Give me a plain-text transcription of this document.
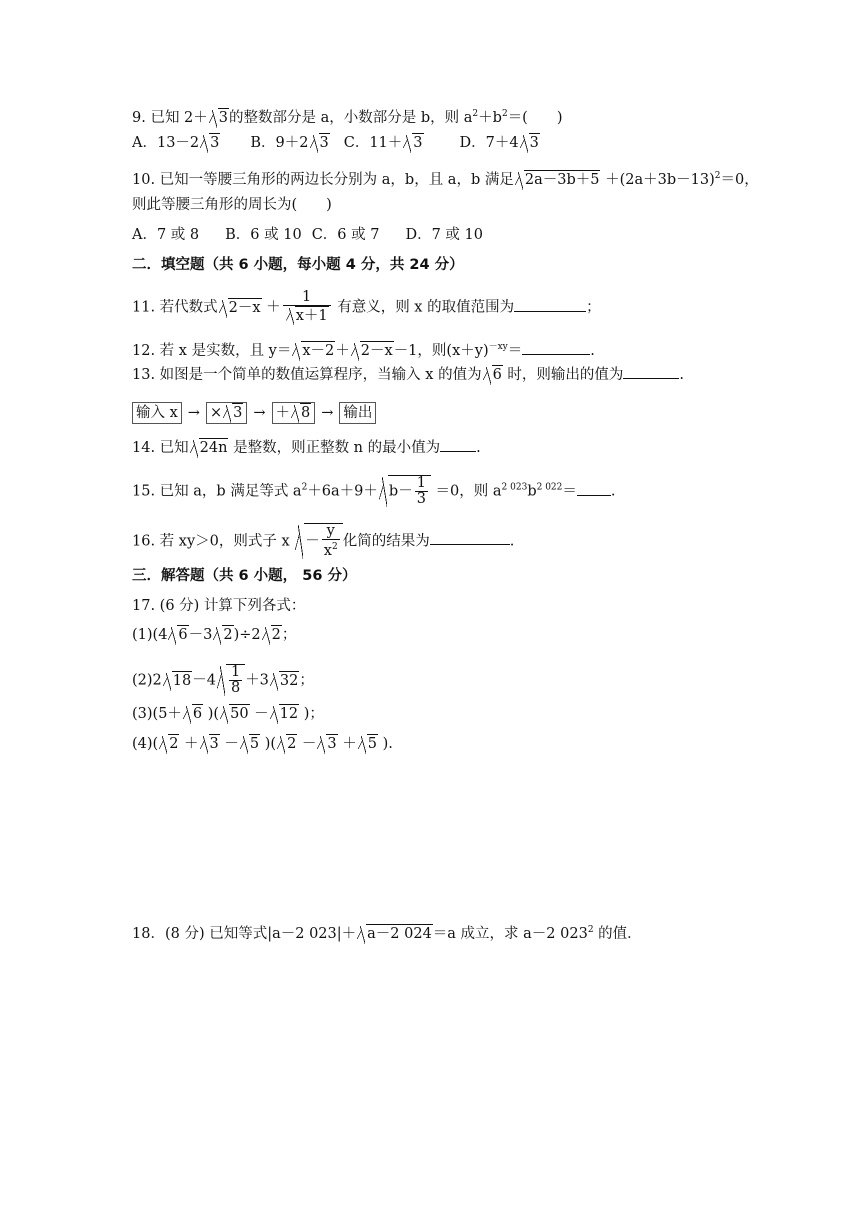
9. 已知 2＋ 3的整数部分是 a，小数部分是 b，则 $a^2+b^2=$(　　)
A．13－2 3 B．9＋2 3 C．11＋ 3	D．7＋4 3
10. 已知一等腰三角形的两边长分别为 a，b，且 a，b 满足 $2a-3b+5 +(2a+3b-13)^2=0$，
则此等腰三角形的周长为(　　)
A．7 或 8 B．6 或 10 C．6 或 7 D．7 或 10
二．填空题（共 6 小题，每小题 4 分，共 24 分）
11. 若代数式 $2-x + \frac{1}{x+1}$ 有意义，则 x 的取值范围为	；
12. 若 x 是实数，且 y＝ x－2＋ 2－x－1，则$(x+y)^{-xy}=$	.
13. 如图是一个简单的数值运算程序，当输入 x 的值为 6 时，则输出的值为	.
输入 x → × 3 → ＋ 8 → 输出
14. 已知 24n 是整数，则正整数 n 的最小值为 .
15. 已知 a，b 满足等式 $a^2+6a+9+ b- \frac{1}{3} =0$，则 $a^{2 023}b^{2 022}=$ .
16. 若 xy＞0，则式子 $x - \frac{y}{x^2}$ 化简的结果为	.
三．解答题（共 6 小题， 56 分）
17. (6 分) 计算下列各式：
(1)(4 6－3 2)÷2 2；
(2)2 $18-4 \frac{1}{8} +3$ 32；
(3)(5＋ 6 )( 50 － 12 )；
(4)( 2 ＋ 3 － 5 )( 2 － 3 ＋ 5 ).
18．(8 分) 已知等式|a－2 023|＋ a－2 024＝a 成立，求 a－2 $023^2$ 的值．
